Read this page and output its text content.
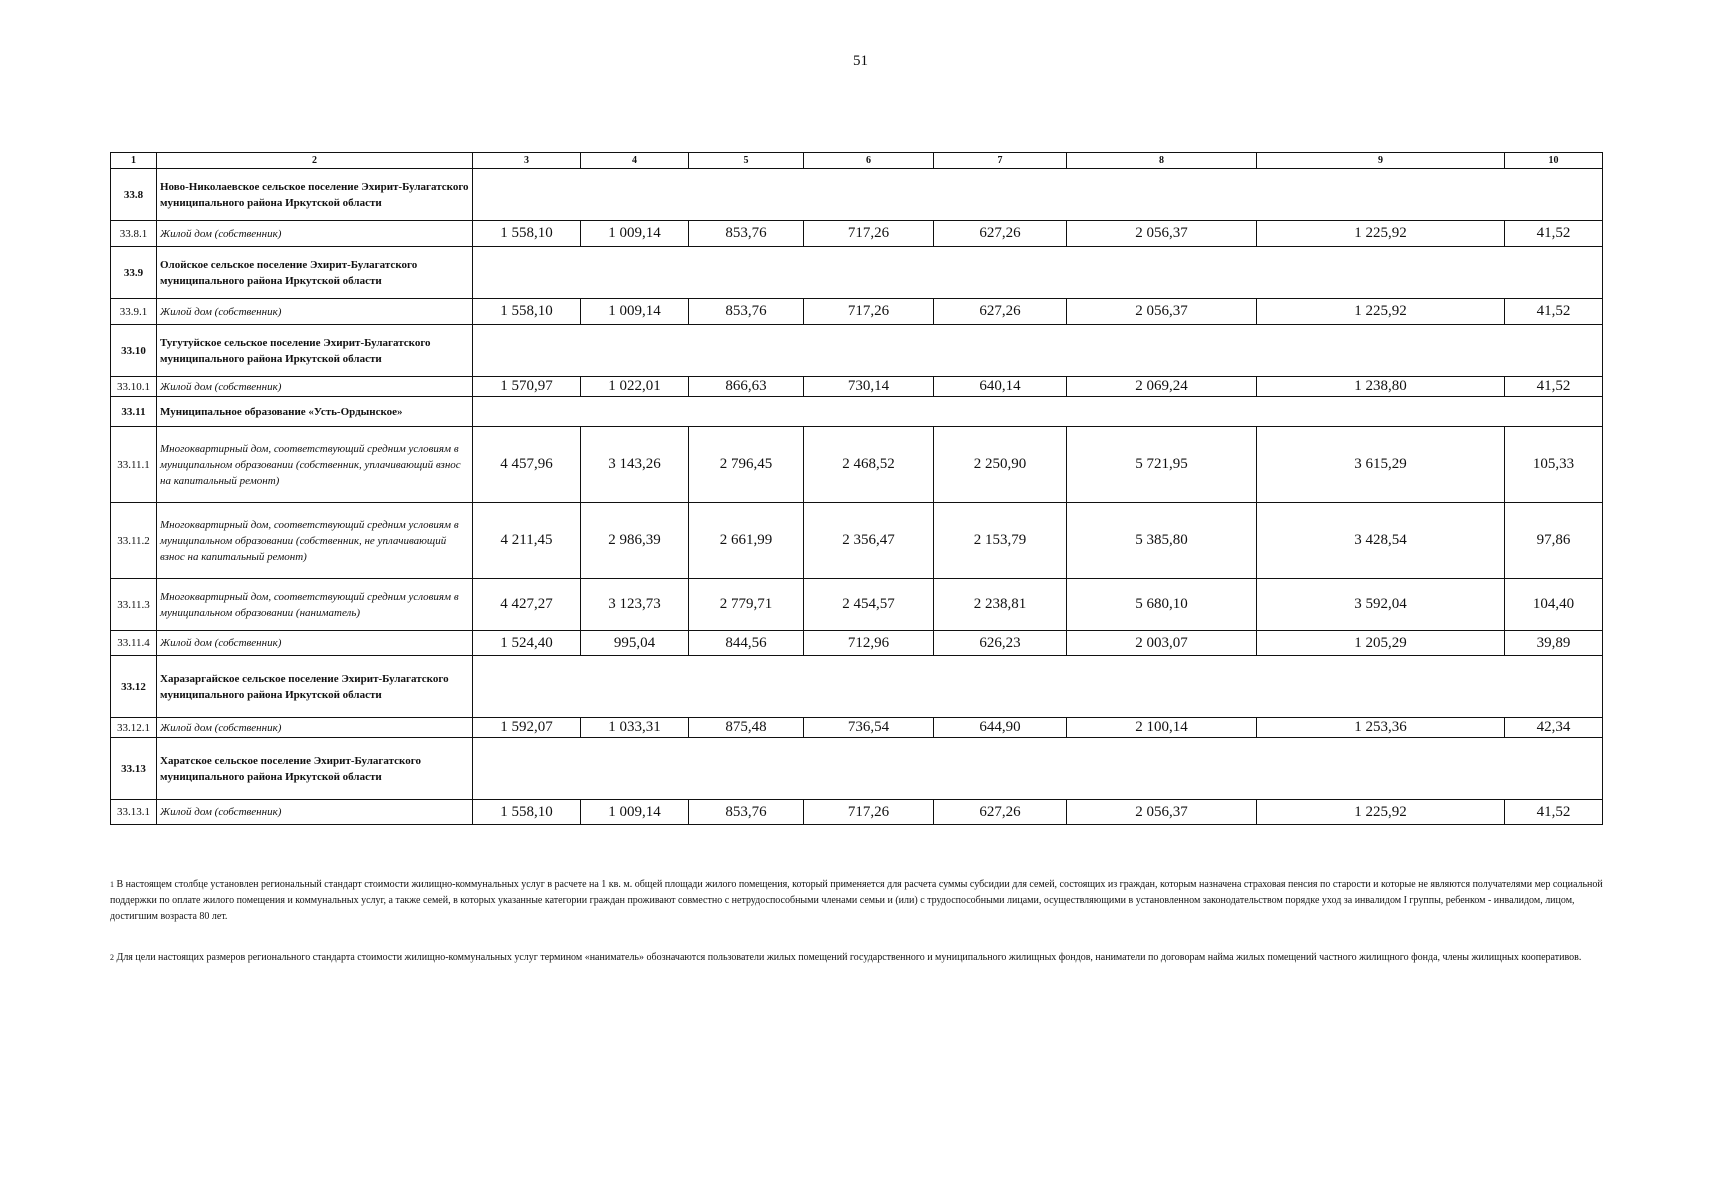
51
1	2	3	4	5	6	7	8	9	10
33.8	Ново-Николаевское сельское поселение Эхирит-Булагатского муниципального района Иркутской области								
33.8.1	Жилой дом (собственник)	1 558,10	1 009,14	853,76	717,26	627,26	2 056,37	1 225,92	41,52
33.9	Олойское сельское поселение Эхирит-Булагатского муниципального района Иркутской области								
33.9.1	Жилой дом (собственник)	1 558,10	1 009,14	853,76	717,26	627,26	2 056,37	1 225,92	41,52
33.10	Тугутуйское сельское поселение Эхирит-Булагатского муниципального района Иркутской области								
33.10.1	Жилой дом (собственник)	1 570,97	1 022,01	866,63	730,14	640,14	2 069,24	1 238,80	41,52
33.11	Муниципальное образование «Усть-Ордынское»								
33.11.1	Многоквартирный дом, соответствующий средним условиям в муниципальном образовании (собственник, уплачивающий взнос на капитальный ремонт)	4 457,96	3 143,26	2 796,45	2 468,52	2 250,90	5 721,95	3 615,29	105,33
33.11.2	Многоквартирный дом, соответствующий средним условиям в муниципальном образовании (собственник, не уплачивающий взнос на капитальный ремонт)	4 211,45	2 986,39	2 661,99	2 356,47	2 153,79	5 385,80	3 428,54	97,86
33.11.3	Многоквартирный дом, соответствующий средним условиям в муниципальном образовании (наниматель)	4 427,27	3 123,73	2 779,71	2 454,57	2 238,81	5 680,10	3 592,04	104,40
33.11.4	Жилой дом (собственник)	1 524,40	995,04	844,56	712,96	626,23	2 003,07	1 205,29	39,89
33.12	Харазаргайское сельское поселение Эхирит-Булагатского муниципального района Иркутской области								
33.12.1	Жилой дом (собственник)	1 592,07	1 033,31	875,48	736,54	644,90	2 100,14	1 253,36	42,34
33.13	Харатское сельское поселение Эхирит-Булагатского муниципального района Иркутской области								
33.13.1	Жилой дом (собственник)	1 558,10	1 009,14	853,76	717,26	627,26	2 056,37	1 225,92	41,52
$^1$ В настоящем столбце установлен региональный стандарт стоимости жилищно-коммунальных услуг в расчете на 1 кв. м. общей площади жилого помещения, который применяется для расчета суммы субсидии для семей, состоящих из граждан, которым назначена страховая пенсия по старости и которые не являются получателями мер социальной поддержки по оплате жилого помещения и коммунальных услуг, а также семей, в которых указанные категории граждан проживают совместно с нетрудоспособными членами семьи и (или) с трудоспособными лицами, осуществляющими в установленном законодательством порядке уход за инвалидом I группы, ребенком - инвалидом, лицом, достигшим возраста 80 лет.
$^2$ Для цели настоящих размеров регионального стандарта стоимости жилищно-коммунальных услуг термином «наниматель» обозначаются пользователи жилых помещений государственного и муниципального жилищных фондов, наниматели по договорам найма жилых помещений частного жилищного фонда, члены жилищных кооперативов.
